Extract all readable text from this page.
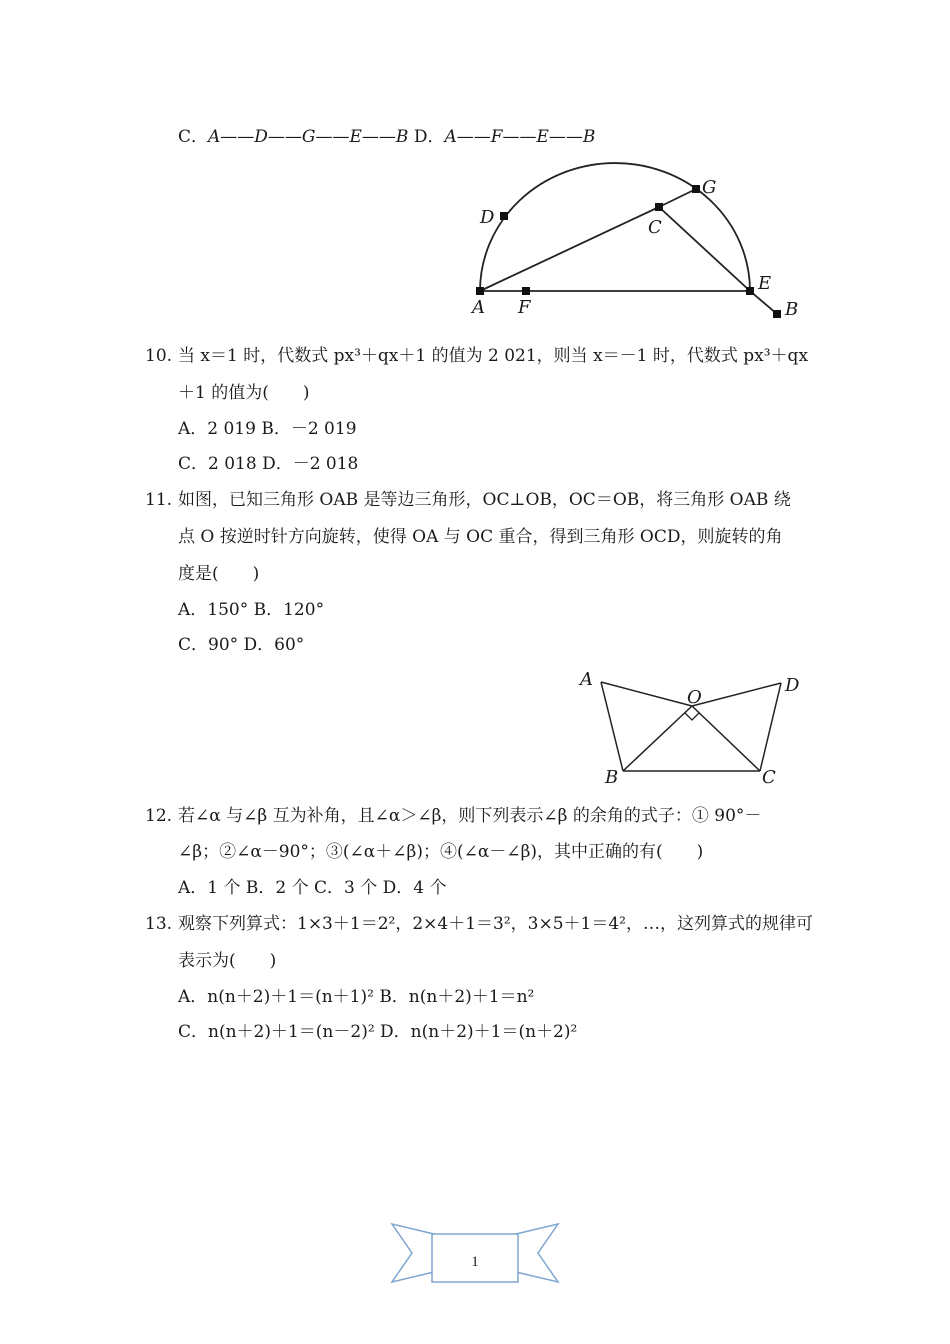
C．A——D——G——E——B D．A——F——E——B
A F
E
B
D
G
C
10. 当 x＝1 时，代数式 px³＋qx＋1 的值为 2 021，则当 x＝－1 时，代数式 px³＋qx
＋1 的值为(　　)
A．2 019 B．－2 019
C．2 018 D．－2 018
11. 如图，已知三角形 OAB 是等边三角形，OC⊥OB，OC＝OB，将三角形 OAB 绕
点 O 按逆时针方向旋转，使得 OA 与 OC 重合，得到三角形 OCD，则旋转的角
度是(　　)
A．150° B．120°
C．90° D．60°
A
O
D
B	C
12. 若∠α 与∠β 互为补角，且∠α＞∠β，则下列表示∠β 的余角的式子：① 90°－
∠β；②∠α－90°；③(∠α＋∠β)；④(∠α－∠β)，其中正确的有(　　)
A．1 个 B．2 个 C．3 个 D．4 个
13. 观察下列算式：1×3＋1＝2²，2×4＋1＝3²，3×5＋1＝4²，…，这列算式的规律可
表示为(　　)
A．n(n＋2)＋1＝(n＋1)² B．n(n＋2)＋1＝n²
C．n(n＋2)＋1＝(n－2)² D．n(n＋2)＋1＝(n＋2)²
1
